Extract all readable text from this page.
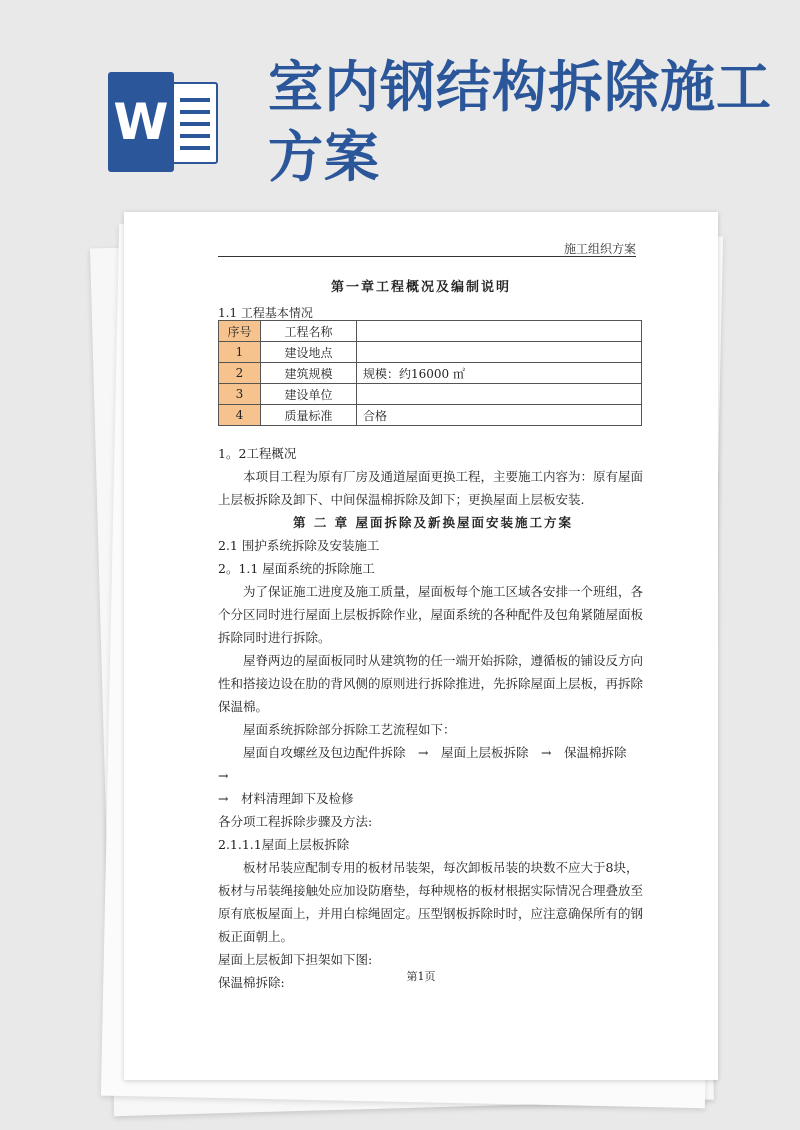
W
室内钢结构拆除施工方案
施工组织方案
第一章工程概况及编制说明
1.1 工程基本情况
序号	工程名称	
1	建设地点	
2	建筑规模	规模：约16000 ㎡
3	建设单位	
4	质量标准	合格

1。2工程概况

本项目工程为原有厂房及通道屋面更换工程，主要施工内容为：原有屋面上层板拆除及卸下、中间保温棉拆除及卸下；更换屋面上层板安装.

第 二 章 屋面拆除及新换屋面安装施工方案

2.1 围护系统拆除及安装施工

2。1.1 屋面系统的拆除施工

为了保证施工进度及施工质量，屋面板每个施工区域各安排一个班组，各个分区同时进行屋面上层板拆除作业，屋面系统的各种配件及包角紧随屋面板拆除同时进行拆除。

屋脊两边的屋面板同时从建筑物的任一端开始拆除，遵循板的铺设反方向性和搭接边设在肋的背风侧的原则进行拆除推进，先拆除屋面上层板，再拆除保温棉。

屋面系统拆除部分拆除工艺流程如下：

屋面自攻螺丝及包边配件拆除　→　屋面上层板拆除　→　保温棉拆除　→

→　材料清理卸下及检修

各分项工程拆除步骤及方法:

2.1.1.1屋面上层板拆除

板材吊装应配制专用的板材吊装架，每次卸板吊装的块数不应大于8块，板材与吊装绳接触处应加设防磨垫，每种规格的板材根据实际情况合理叠放至原有底板屋面上，并用白棕绳固定。压型钢板拆除时时，应注意确保所有的钢板正面朝上。

屋面上层板卸下担架如下图:

保温棉拆除:	第1页
